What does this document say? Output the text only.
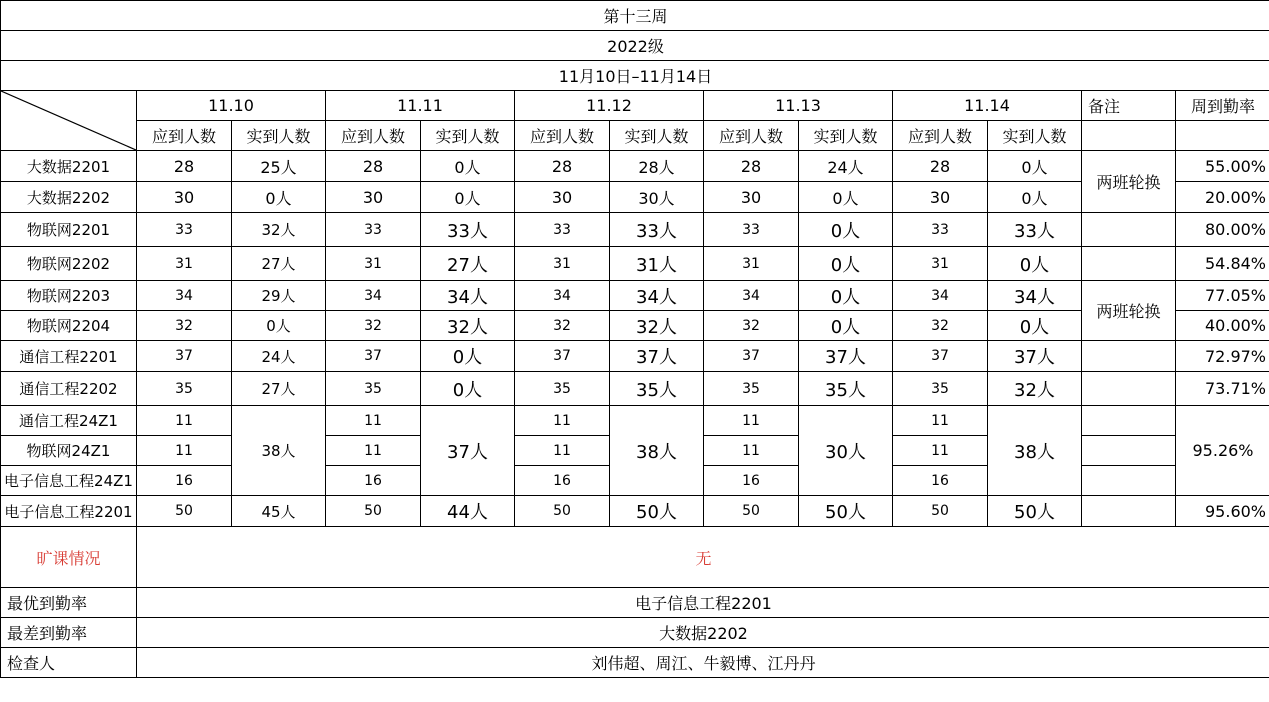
第十三周												
2022级												
11月10日–11月14日												

	11.10		11.11		11.12		11.13		11.14		备注	周到勤率
	应到人数	实到人数	应到人数	实到人数	应到人数	实到人数	应到人数	实到人数	应到人数	实到人数		
大数据2201	28	25人	28	0人	28	28人	28	24人	28	0人	两班轮换	55.00%
大数据2202	30	0人	30	0人	30	30人	30	0人	30	0人		20.00%
物联网2201	33	32人	33	33人	33	33人	33	0人	33	33人		80.00%
物联网2202	31	27人	31	27人	31	31人	31	0人	31	0人		54.84%
物联网2203	34	29人	34	34人	34	34人	34	0人	34	34人	两班轮换	77.05%
物联网2204	32	0人	32	32人	32	32人	32	0人	32	0人		40.00%
通信工程2201	37	24人	37	0人	37	37人	37	37人	37	37人		72.97%
通信工程2202	35	27人	35	0人	35	35人	35	35人	35	32人		73.71%
通信工程24Z1	11	38人	11	37人	11	38人	11	30人	11	38人		95.26%
物联网24Z1	11		11		11		11		11			
电子信息工程24Z1	16		16		16		16		16			
电子信息工程2201	50	45人	50	44人	50	50人	50	50人	50	50人		95.60%
旷课情况	无											
最优到勤率	电子信息工程2201											
最差到勤率	大数据2202											
检查人	刘伟超、周江、牛毅博、江丹丹											
